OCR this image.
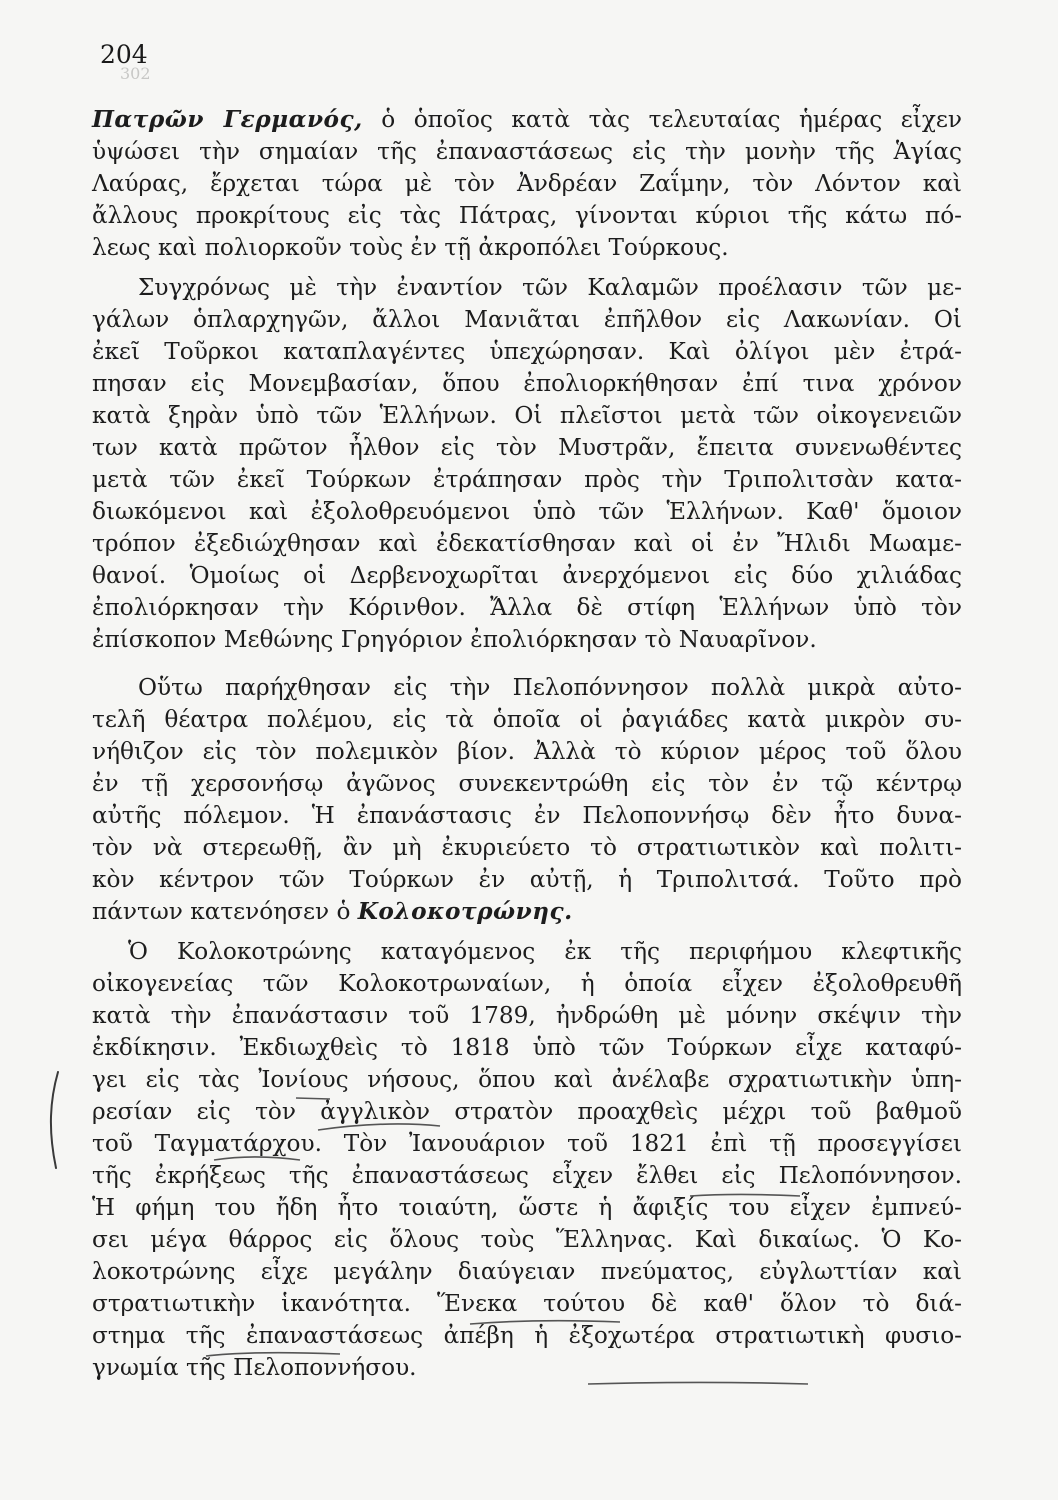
302
204
Πατρῶν Γερμανός, ὁ ὁποῖος κατὰ τὰς τελευταίας ἡμέρας εἶχεν
ὑψώσει τὴν σημαίαν τῆς ἐπαναστάσεως εἰς τὴν μονὴν τῆς Ἁγίας
Λαύρας, ἔρχεται τώρα μὲ τὸν Ἀνδρέαν Ζαΐμην, τὸν Λόντον καὶ
ἄλλους προκρίτους εἰς τὰς Πάτρας, γίνονται κύριοι τῆς κάτω πό-
λεως καὶ πολιορκοῦν τοὺς ἐν τῇ ἀκροπόλει Τούρκους.
Συγχρόνως μὲ τὴν ἐναντίον τῶν Καλαμῶν προέλασιν τῶν με-
γάλων ὁπλαρχηγῶν, ἄλλοι Μανιᾶται ἐπῆλθον εἰς Λακωνίαν. Οἱ
ἐκεῖ Τοῦρκοι καταπλαγέντες ὑπεχώρησαν. Καὶ ὀλίγοι μὲν ἐτρά-
πησαν εἰς Μονεμβασίαν, ὅπου ἐπολιορκήθησαν ἐπί τινα χρόνον
κατὰ ξηρὰν ὑπὸ τῶν Ἑλλήνων. Οἱ πλεῖστοι μετὰ τῶν οἰκογενειῶν
των κατὰ πρῶτον ἦλθον εἰς τὸν Μυστρᾶν, ἔπειτα συνενωθέντες
μετὰ τῶν ἐκεῖ Τούρκων ἐτράπησαν πρὸς τὴν Τριπολιτσὰν κατα-
διωκόμενοι καὶ ἐξολοθρευόμενοι ὑπὸ τῶν Ἑλλήνων. Καθ' ὅμοιον
τρόπον ἐξεδιώχθησαν καὶ ἐδεκατίσθησαν καὶ οἱ ἐν Ἤλιδι Μωαμε-
θανοί. Ὁμοίως οἱ Δερβενοχωρῖται ἀνερχόμενοι εἰς δύο χιλιάδας
ἐπολιόρκησαν τὴν Κόρινθον. Ἄλλα δὲ στίφη Ἑλλήνων ὑπὸ τὸν
ἐπίσκοπον Μεθώνης Γρηγόριον ἐπολιόρκησαν τὸ Ναυαρῖνον.
Οὕτω παρήχθησαν εἰς τὴν Πελοπόννησον πολλὰ μικρὰ αὐτο-
τελῆ θέατρα πολέμου, εἰς τὰ ὁποῖα οἱ ῥαγιάδες κατὰ μικρὸν συ-
νήθιζον εἰς τὸν πολεμικὸν βίον. Ἀλλὰ τὸ κύριον μέρος τοῦ ὅλου
ἐν τῇ χερσονήσῳ ἀγῶνος συνεκεντρώθη εἰς τὸν ἐν τῷ κέντρῳ
αὐτῆς πόλεμον. Ἡ ἐπανάστασις ἐν Πελοποννήσῳ δὲν ἦτο δυνα-
τὸν νὰ στερεωθῇ, ἂν μὴ ἐκυριεύετο τὸ στρατιωτικὸν καὶ πολιτι-
κὸν κέντρον τῶν Τούρκων ἐν αὐτῇ, ἡ Τριπολιτσά. Τοῦτο πρὸ
πάντων κατενόησεν ὁ Κολοκοτρώνης.
Ὁ Κολοκοτρώνης καταγόμενος ἐκ τῆς περιφήμου κλεφτικῆς
οἰκογενείας τῶν Κολοκοτρωναίων, ἡ ὁποία εἶχεν ἐξολοθρευθῆ
κατὰ τὴν ἐπανάστασιν τοῦ 1789, ἠνδρώθη μὲ μόνην σκέψιν τὴν
ἐκδίκησιν. Ἐκδιωχθεὶς τὸ 1818 ὑπὸ τῶν Τούρκων εἶχε καταφύ-
γει εἰς τὰς Ἰονίους νήσους, ὅπου καὶ ἀνέλαβε σχρατιωτικὴν ὑπη-
ρεσίαν εἰς τὸν ἀγγλικὸν στρατὸν προαχθεὶς μέχρι τοῦ βαθμοῦ
τοῦ Ταγματάρχου. Τὸν Ἰανουάριον τοῦ 1821 ἐπὶ τῇ προσεγγίσει
τῆς ἐκρήξεως τῆς ἐπαναστάσεως εἶχεν ἔλθει εἰς Πελοπόννησον.
Ἡ φήμη του ἤδη ἦτο τοιαύτη, ὥστε ἡ ἄφιξίς του εἶχεν ἐμπνεύ-
σει μέγα θάρρος εἰς ὅλους τοὺς Ἕλληνας. Καὶ δικαίως. Ὁ Κο-
λοκοτρώνης εἶχε μεγάλην διαύγειαν πνεύματος, εὐγλωττίαν καὶ
στρατιωτικὴν ἱκανότητα. Ἕνεκα τούτου δὲ καθ' ὅλον τὸ διά-
στημα τῆς ἐπαναστάσεως ἀπέβη ἡ ἐξοχωτέρα στρατιωτικὴ φυσιο-
γνωμία τῆς Πελοποννήσου.
